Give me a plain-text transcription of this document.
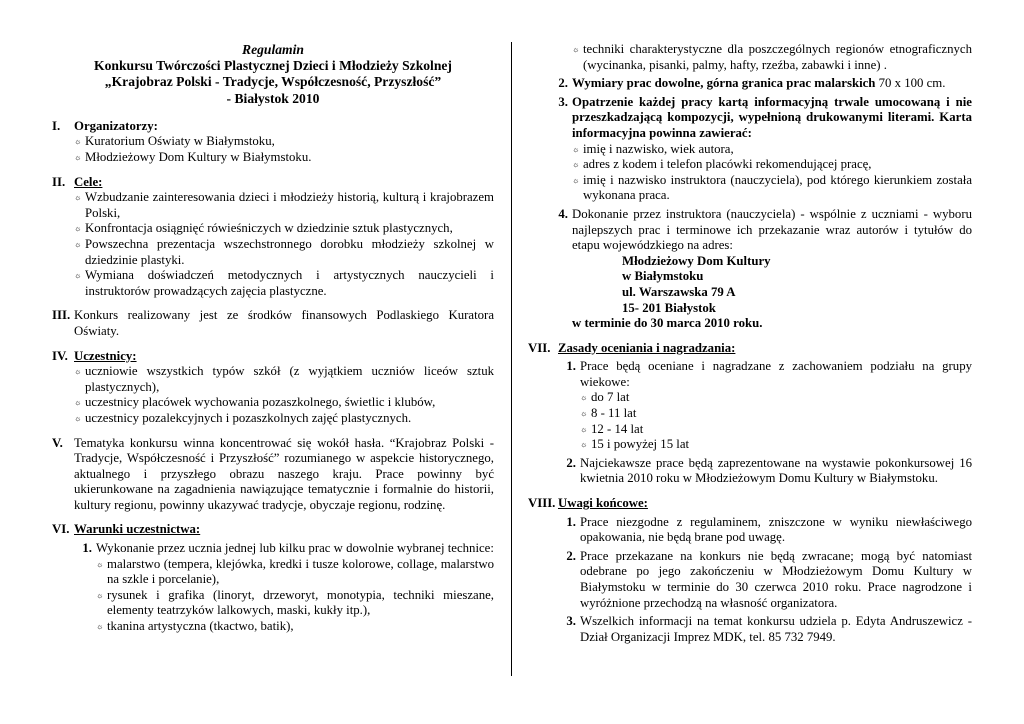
Regulamin
Konkursu Twórczości Plastycznej Dzieci i Młodzieży Szkolnej
„Krajobraz Polski - Tradycje, Współczesność, Przyszłość”
- Białystok 2010
I. Organizatorzy:
☼ Kuratorium Oświaty w Białymstoku,
☼ Młodzieżowy Dom Kultury w Białymstoku.
II. Cele:
☼ Wzbudzanie zainteresowania dzieci i młodzieży historią, kulturą i krajobrazem Polski,
☼ Konfrontacja osiągnięć rówieśniczych w dziedzinie sztuk plastycznych,
☼ Powszechna prezentacja wszechstronnego dorobku młodzieży szkolnej w dziedzinie plastyki.
☼ Wymiana doświadczeń metodycznych i artystycznych nauczycieli i instruktorów prowadzących zajęcia plastyczne.
III. Konkurs realizowany jest ze środków finansowych Podlaskiego Kuratora Oświaty.
IV. Uczestnicy:
☼ uczniowie wszystkich typów szkół (z wyjątkiem uczniów liceów sztuk plastycznych),
☼ uczestnicy placówek wychowania pozaszkolnego, świetlic i klubów,
☼ uczestnicy pozalekcyjnych i pozaszkolnych zajęć plastycznych.
V. Tematyka konkursu winna koncentrować się wokół hasła. “Krajobraz Polski - Tradycje, Współczesność i Przyszłość” rozumianego w aspekcie historycznego, aktualnego i przyszłego obrazu naszego kraju. Prace powinny być ukierunkowane na zagadnienia nawiązujące tematycznie i formalnie do historii, kultury regionu, powinny ukazywać tradycje, obyczaje regionu, rodzinę.
VI. Warunki uczestnictwa:
1. Wykonanie przez ucznia jednej lub kilku prac w dowolnie wybranej technice:
☼ malarstwo (tempera, klejówka, kredki i tusze kolorowe, collage, malarstwo na szkle i porcelanie),
☼ rysunek i grafika (linoryt, drzeworyt, monotypia, techniki mieszane, elementy teatrzyków lalkowych, maski, kukły itp.),
☼ tkanina artystyczna (tkactwo, batik),
☼ techniki charakterystyczne dla poszczególnych regionów etnograficznych (wycinanka, pisanki, palmy, hafty, rzeźba, zabawki i inne) .
2. Wymiary prac dowolne, górna granica prac malarskich 70 x 100 cm.
3. Opatrzenie każdej pracy kartą informacyjną trwale umocowaną i nie przeszkadzającą kompozycji, wypełnioną drukowanymi literami. Karta informacyjna powinna zawierać:
☼ imię i nazwisko, wiek autora,
☼ adres z kodem i telefon placówki rekomendującej pracę,
☼ imię i nazwisko instruktora (nauczyciela), pod którego kierunkiem została wykonana praca.
4. Dokonanie przez instruktora (nauczyciela) - wspólnie z uczniami - wyboru najlepszych prac i terminowe ich przekazanie wraz autorów i tytułów do etapu wojewódzkiego na adres:
Młodzieżowy Dom Kultury
w Białymstoku
ul. Warszawska 79 A
15- 201 Białystok
w terminie do 30 marca 2010 roku.
VII. Zasady oceniania i nagradzania:
1. Prace będą oceniane i nagradzane z zachowaniem podziału na grupy wiekowe:
☼ do 7 lat
☼ 8 - 11 lat
☼ 12 - 14 lat
☼ 15 i powyżej 15 lat
2. Najciekawsze prace będą zaprezentowane na wystawie pokonkursowej 16 kwietnia 2010 roku w Młodzieżowym Domu Kultury w Białymstoku.
VIII. Uwagi końcowe:
1. Prace niezgodne z regulaminem, zniszczone w wyniku niewłaściwego opakowania, nie będą brane pod uwagę.
2. Prace przekazane na konkurs nie będą zwracane; mogą być natomiast odebrane po jego zakończeniu w Młodzieżowym Domu Kultury w Białymstoku w terminie do 30 czerwca 2010 roku. Prace nagrodzone i wyróżnione przechodzą na własność organizatora.
3. Wszelkich informacji na temat konkursu udziela p. Edyta Andruszewicz - Dział Organizacji Imprez MDK, tel. 85 732 7949.
